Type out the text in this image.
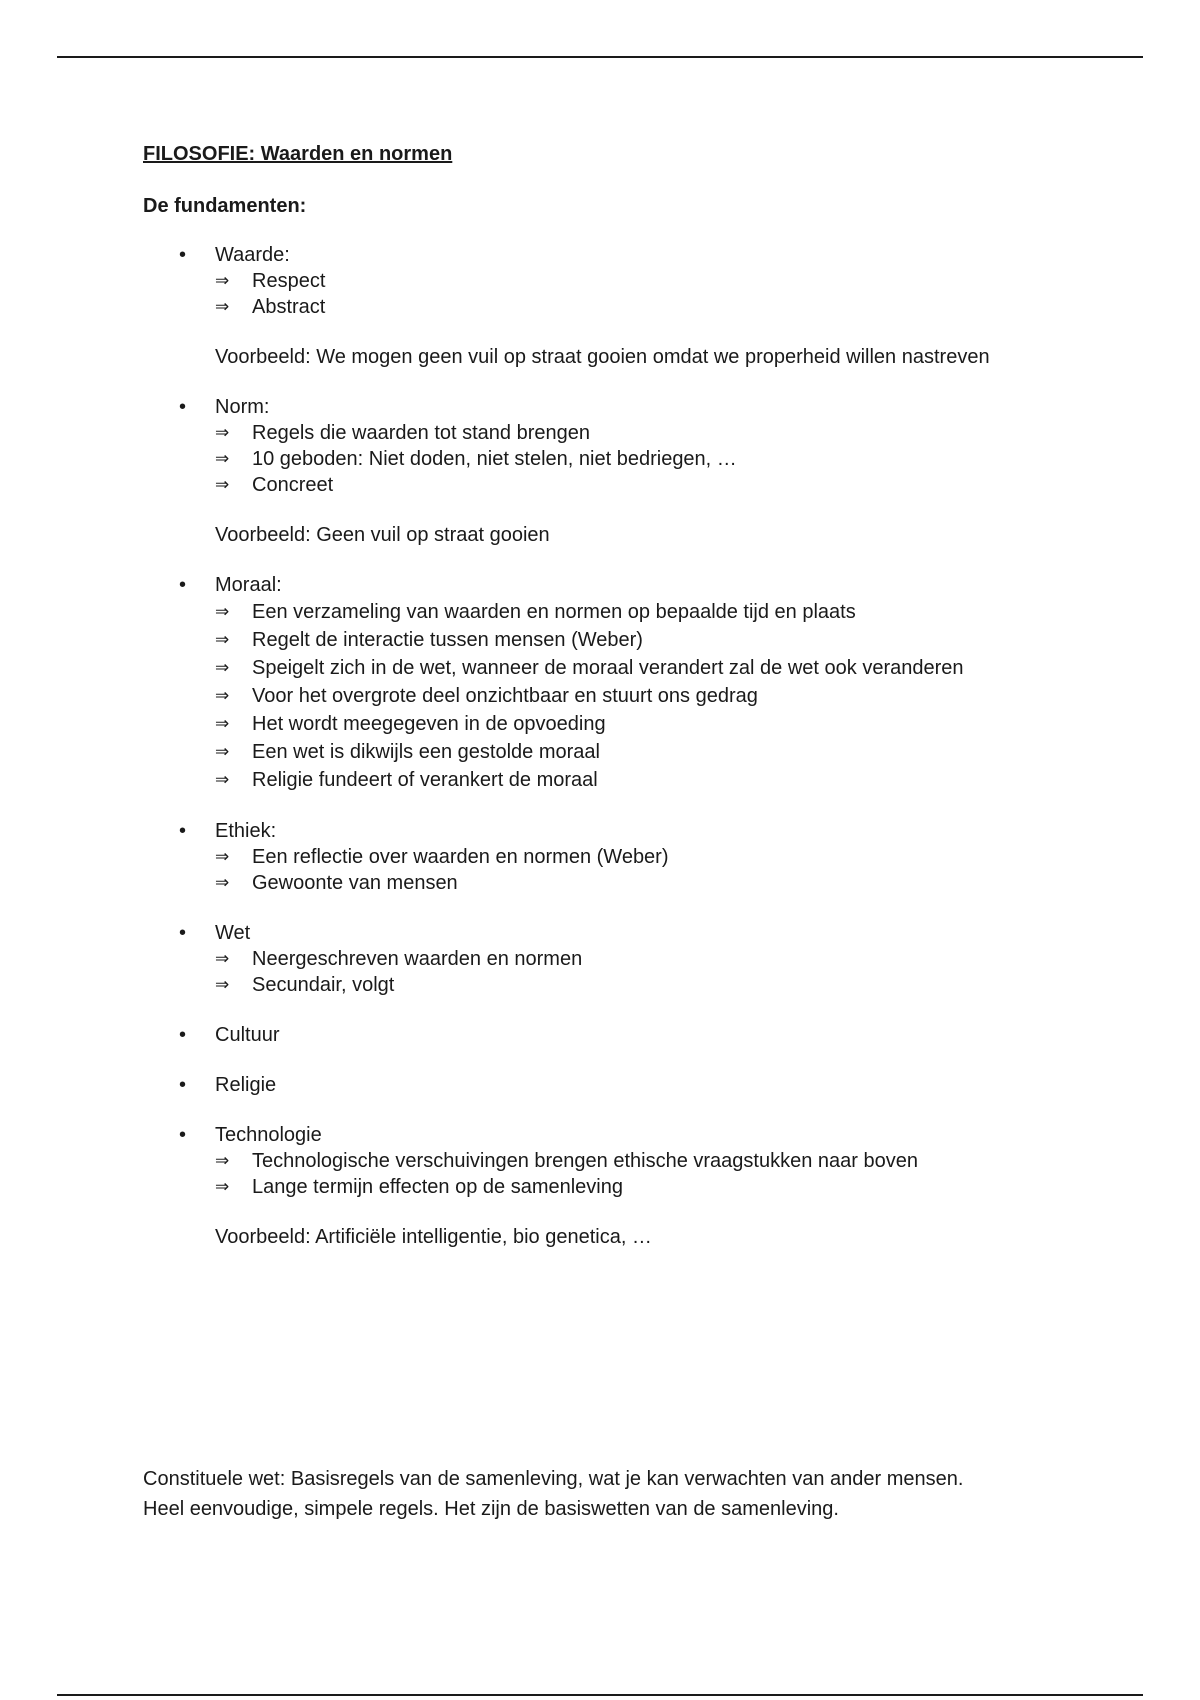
FILOSOFIE: Waarden en normen
De fundamenten:
• Waarde:
⇒ Respect
⇒ Abstract
Voorbeeld: We mogen geen vuil op straat gooien omdat we properheid willen nastreven
• Norm:
⇒ Regels die waarden tot stand brengen
⇒ 10 geboden: Niet doden, niet stelen, niet bedriegen, …
⇒ Concreet
Voorbeeld: Geen vuil op straat gooien
• Moraal:
⇒ Een verzameling van waarden en normen op bepaalde tijd en plaats
⇒ Regelt de interactie tussen mensen (Weber)
⇒ Speigelt zich in de wet, wanneer de moraal verandert zal de wet ook veranderen
⇒ Voor het overgrote deel onzichtbaar en stuurt ons gedrag
⇒ Het wordt meegegeven in de opvoeding
⇒ Een wet is dikwijls een gestolde moraal
⇒ Religie fundeert of verankert de moraal
• Ethiek:
⇒ Een reflectie over waarden en normen (Weber)
⇒ Gewoonte van mensen
• Wet
⇒ Neergeschreven waarden en normen
⇒ Secundair, volgt
• Cultuur
• Religie
• Technologie
⇒ Technologische verschuivingen brengen ethische vraagstukken naar boven
⇒ Lange termijn effecten op de samenleving
Voorbeeld: Artificiële intelligentie, bio genetica, …

Constituele wet: Basisregels van de samenleving, wat je kan verwachten van ander mensen.

Heel eenvoudige, simpele regels. Het zijn de basiswetten van de samenleving.
